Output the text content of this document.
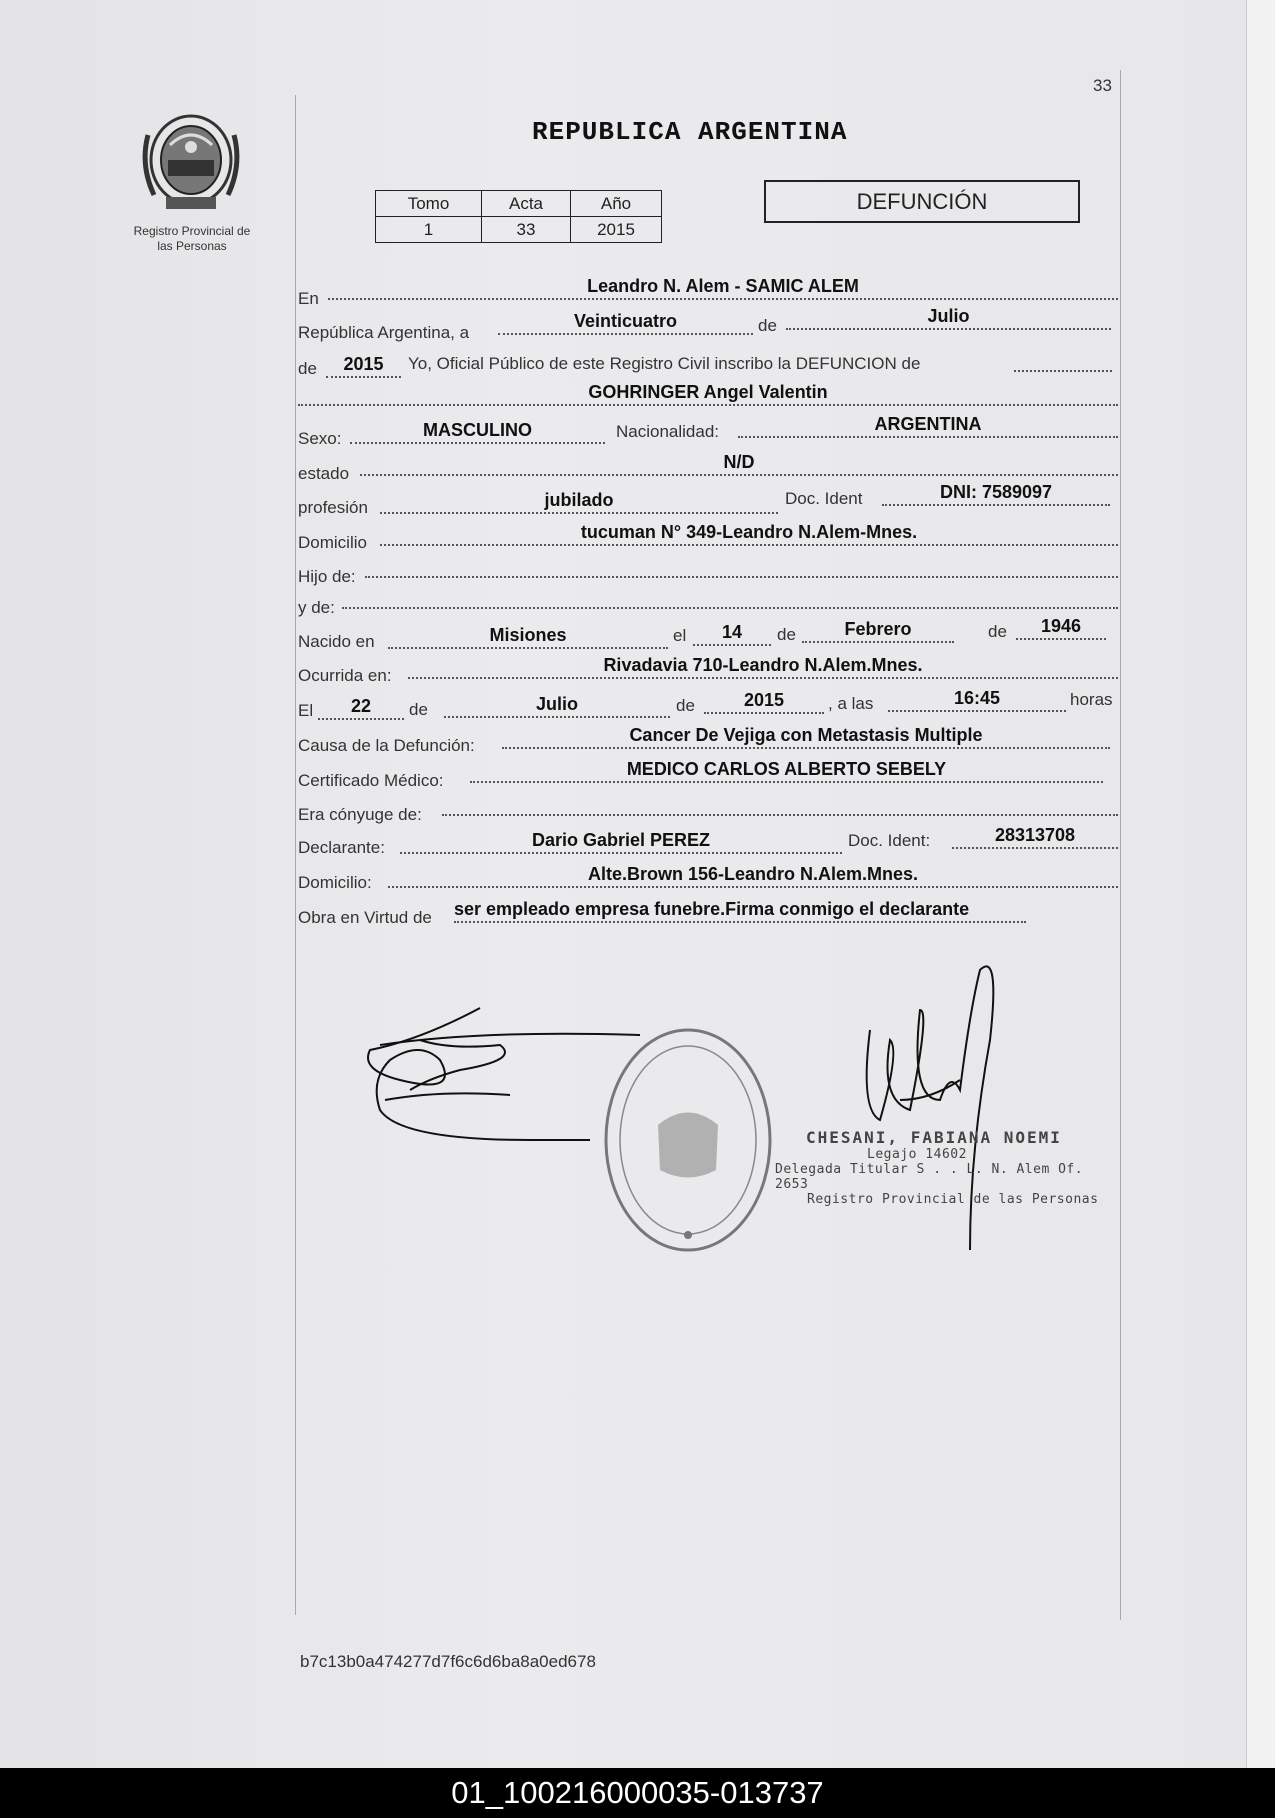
33
Registro Provincial de
las Personas
REPUBLICA ARGENTINA
Tomo	Acta	Año
1	33	2015
DEFUNCIÓN
En
Leandro N. Alem - SAMIC ALEM
República Argentina, a
Veinticuatro	de	Julio
de	2015	Yo, Oficial Público de este Registro Civil inscribo la DEFUNCION de
GOHRINGER Angel Valentin
Sexo:	MASCULINO	Nacionalidad:	ARGENTINA
estado
N/D
profesión	jubilado	Doc. Ident	DNI: 7589097
Domicilio
tucuman N° 349-Leandro N.Alem-Mnes.
Hijo de:
y de:
Nacido en	Misiones	el	14	de	Febrero	de	1946
Ocurrida en:
Rivadavia 710-Leandro N.Alem.Mnes.
El	22	de	Julio	de	2015	, a las	16:45	horas
Causa de la Defunción:
Cancer De Vejiga con Metastasis Multiple
Certificado Médico:
MEDICO CARLOS ALBERTO SEBELY
Era cónyuge de:
Declarante:	Dario Gabriel PEREZ	Doc. Ident:	28313708
Domicilio:	Alte.Brown 156-Leandro N.Alem.Mnes.
Obra en Virtud de ser empleado empresa funebre.Firma conmigo el declarante
CHESANI, FABIANA NOEMI
Legajo 14602
Delegada Titular S . . L. N. Alem Of. 2653
Registro Provincial de las Personas
b7c13b0a474277d7f6c6d6ba8a0ed678
01_100216000035-013737
